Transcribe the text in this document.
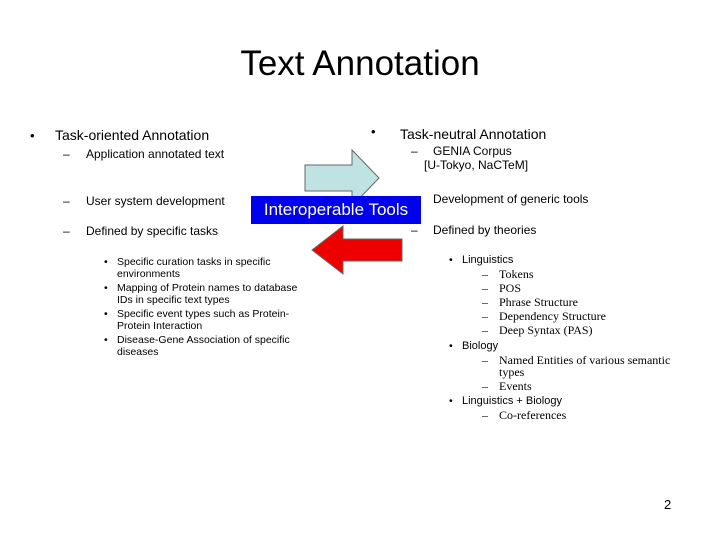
Text Annotation
• Task-oriented Annotation
– Application annotated text
– User system development
– Defined by specific tasks
• Specific curation tasks in specific
environments
• Mapping of Protein names to database
IDs in specific text types
• Specific event types such as Protein-
Protein Interaction
• Disease-Gene Association of specific
diseases
Interoperable Tools
• Task-neutral Annotation
– GENIA Corpus
[U-Tokyo, NaCTeM]
Development of generic tools
– Defined by theories
• Linguistics
– Tokens
– POS
– Phrase Structure
– Dependency Structure
– Deep Syntax (PAS)
• Biology
– Named Entities of various semantic
types
– Events
• Linguistics + Biology
– Co-references
2
